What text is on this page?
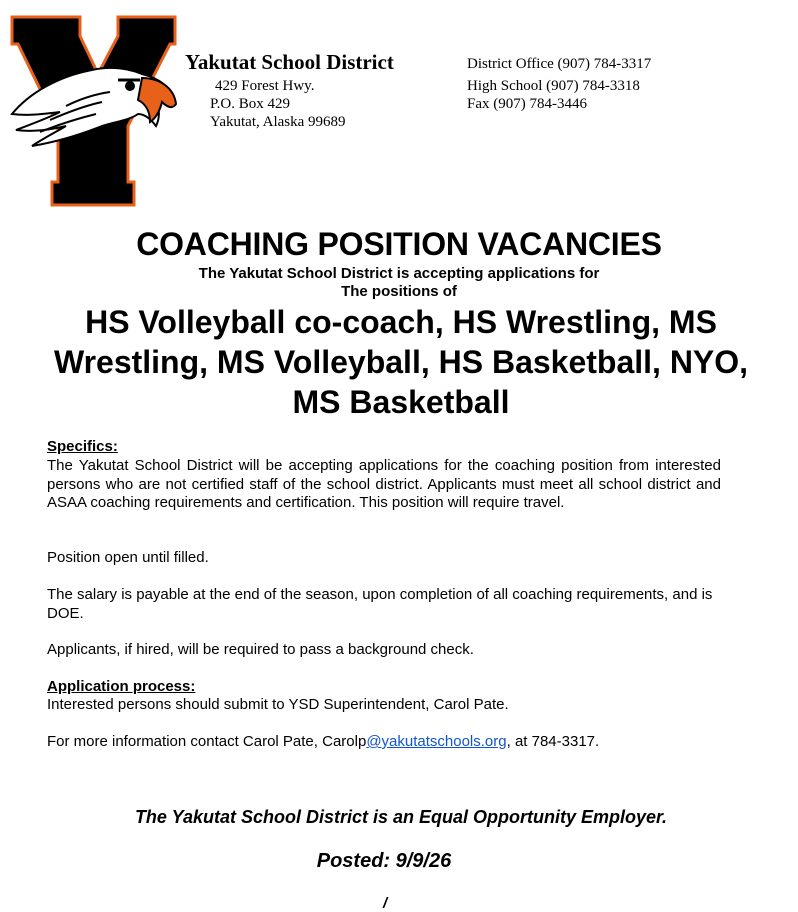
Yakutat School District
429 Forest Hwy.
P.O. Box 429
Yakutat, Alaska 99689
District Office (907) 784-3317
High School (907) 784-3318
Fax (907) 784-3446
COACHING POSITION VACANCIES
The Yakutat School District is accepting applications for
The positions of
HS Volleyball co-coach, HS Wrestling, MS Wrestling, MS Volleyball, HS Basketball, NYO, MS Basketball
Specifics:
The Yakutat School District will be accepting applications for the coaching position from interested persons who are not certified staff of the school district. Applicants must meet all school district and ASAA coaching requirements and certification. This position will require travel.
Position open until filled.
The salary is payable at the end of the season, upon completion of all coaching requirements, and is DOE.
Applicants, if hired, will be required to pass a background check.
Application process:
Interested persons should submit to YSD Superintendent, Carol Pate.
For more information contact Carol Pate, Carolp@yakutatschools.org, at 784-3317.
The Yakutat School District is an Equal Opportunity Employer.
Posted: 9/9/26
/
